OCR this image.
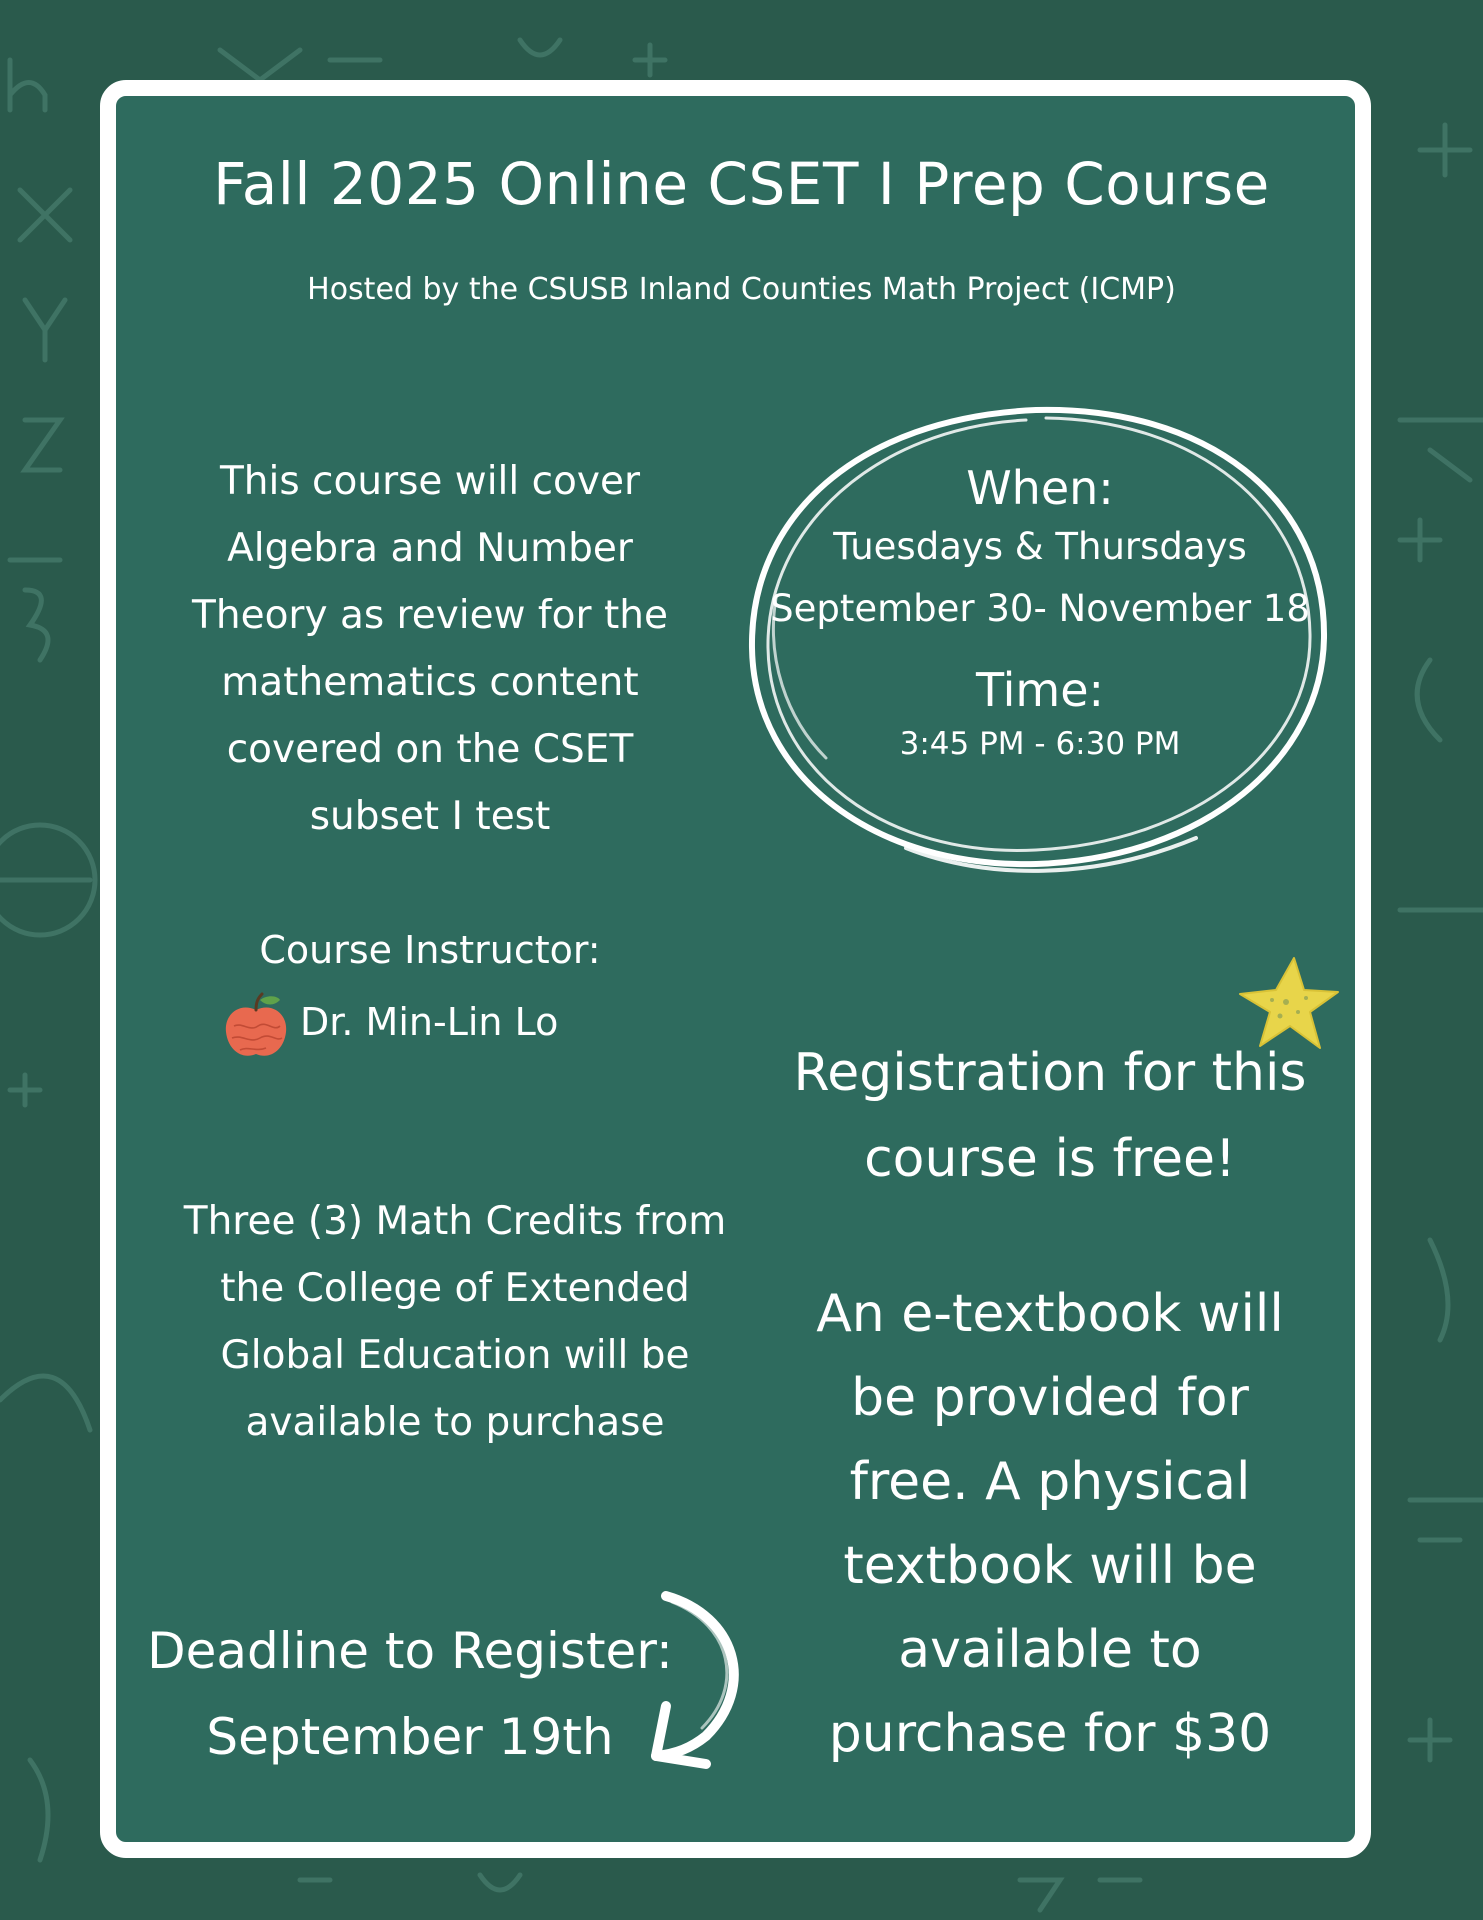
Fall 2025 Online CSET I Prep Course
Hosted by the CSUSB Inland Counties Math Project (ICMP)
This course will cover Algebra and Number Theory as review for the mathematics content covered on the CSET subset I test
When:
Tuesdays & Thursdays
September 30- November 18
Time:
3:45 PM - 6:30 PM
Course Instructor:
Dr. Min-Lin Lo
Registration for this course is free!
Three (3) Math Credits from the College of Extended Global Education will be available to purchase
An e-textbook will be provided for free. A physical textbook will be available to purchase for $30
Deadline to Register:
September 19th
